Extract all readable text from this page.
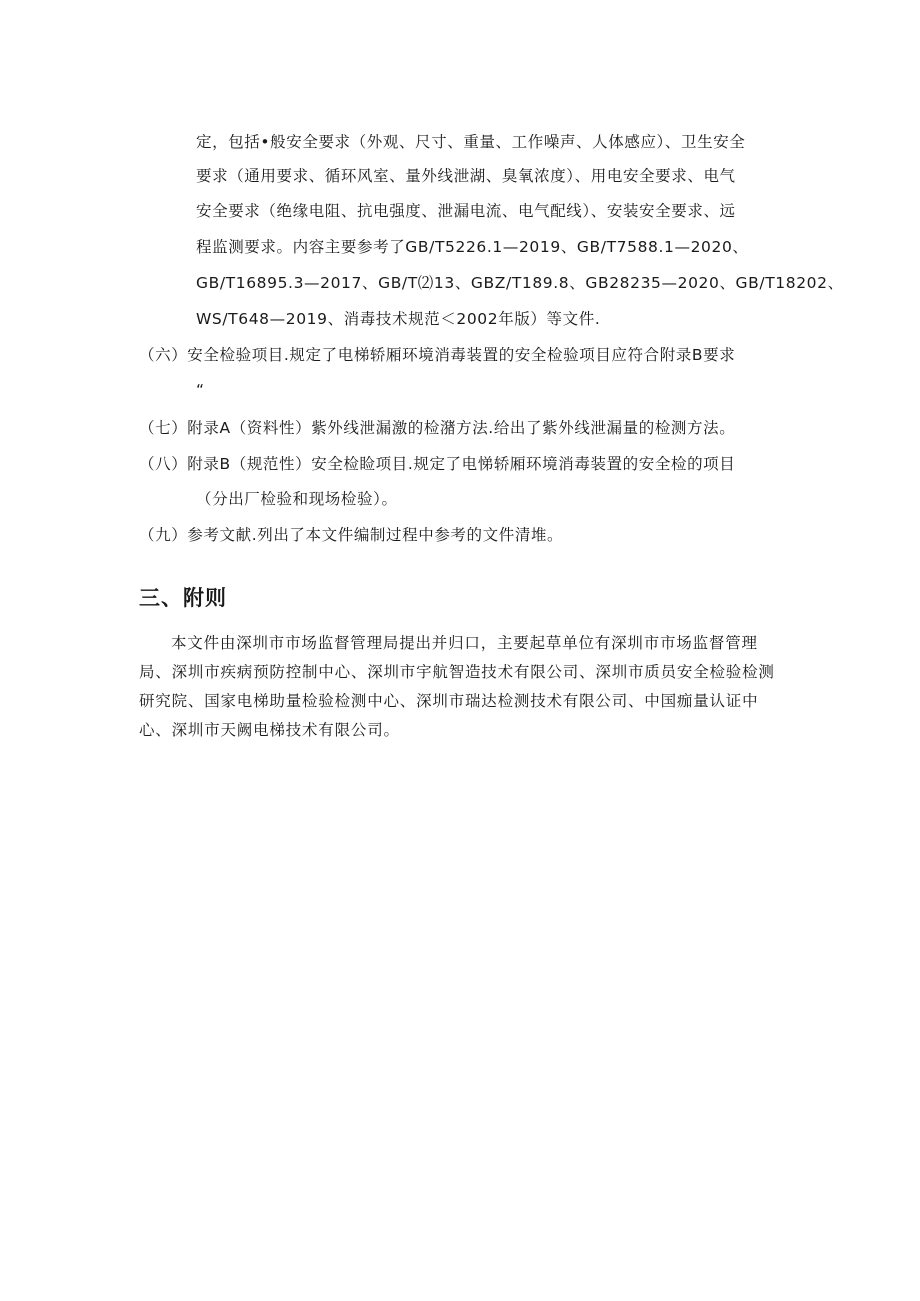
定，包括•般安全要求（外观、尺寸、重量、工作噪声、人体感应）、卫生安全
要求（通用要求、循环风室、量外线泄湖、臭氧浓度）、用电安全要求、电气
安全要求（绝缘电阻、抗电强度、泄漏电流、电气配线）、安装安全要求、远
程监测要求。内容主要参考了GB/T5226.1—2019、GB/T7588.1—2020、
GB/T16895.3—2017、GB/T⑵13、GBZ/T189.8、GB28235—2020、GB/T18202、
WS/T648—2019、消毒技术规范＜2002年版）等文件.
（六）安全检验项目.规定了电梯轿厢环境消毒装置的安全检验项目应符合附录B要求
“
（七）附录A（资料性）紫外线泄漏激的检潴方法.给出了紫外线泄漏量的检测方法。
（八）附录B（规范性）安全检睑项目.规定了电悌轿厢环境消毒装置的安全检的项目
（分出厂检验和现场检验）。
（九）参考文献.列出了本文件编制过程中参考的文件清堆。
三、附则
本文件由深圳市市场监督管理局提出并归口，主要起草单位有深圳市市场监督管理局、深圳市疾病预防控制中心、深圳市宇航智造技术有限公司、深圳市质员安全检验检测研究院、国家电梯助量检验检测中心、深圳市瑞达检测技术有限公司、中国痂量认证中心、深圳市天阙电梯技术有限公司。
